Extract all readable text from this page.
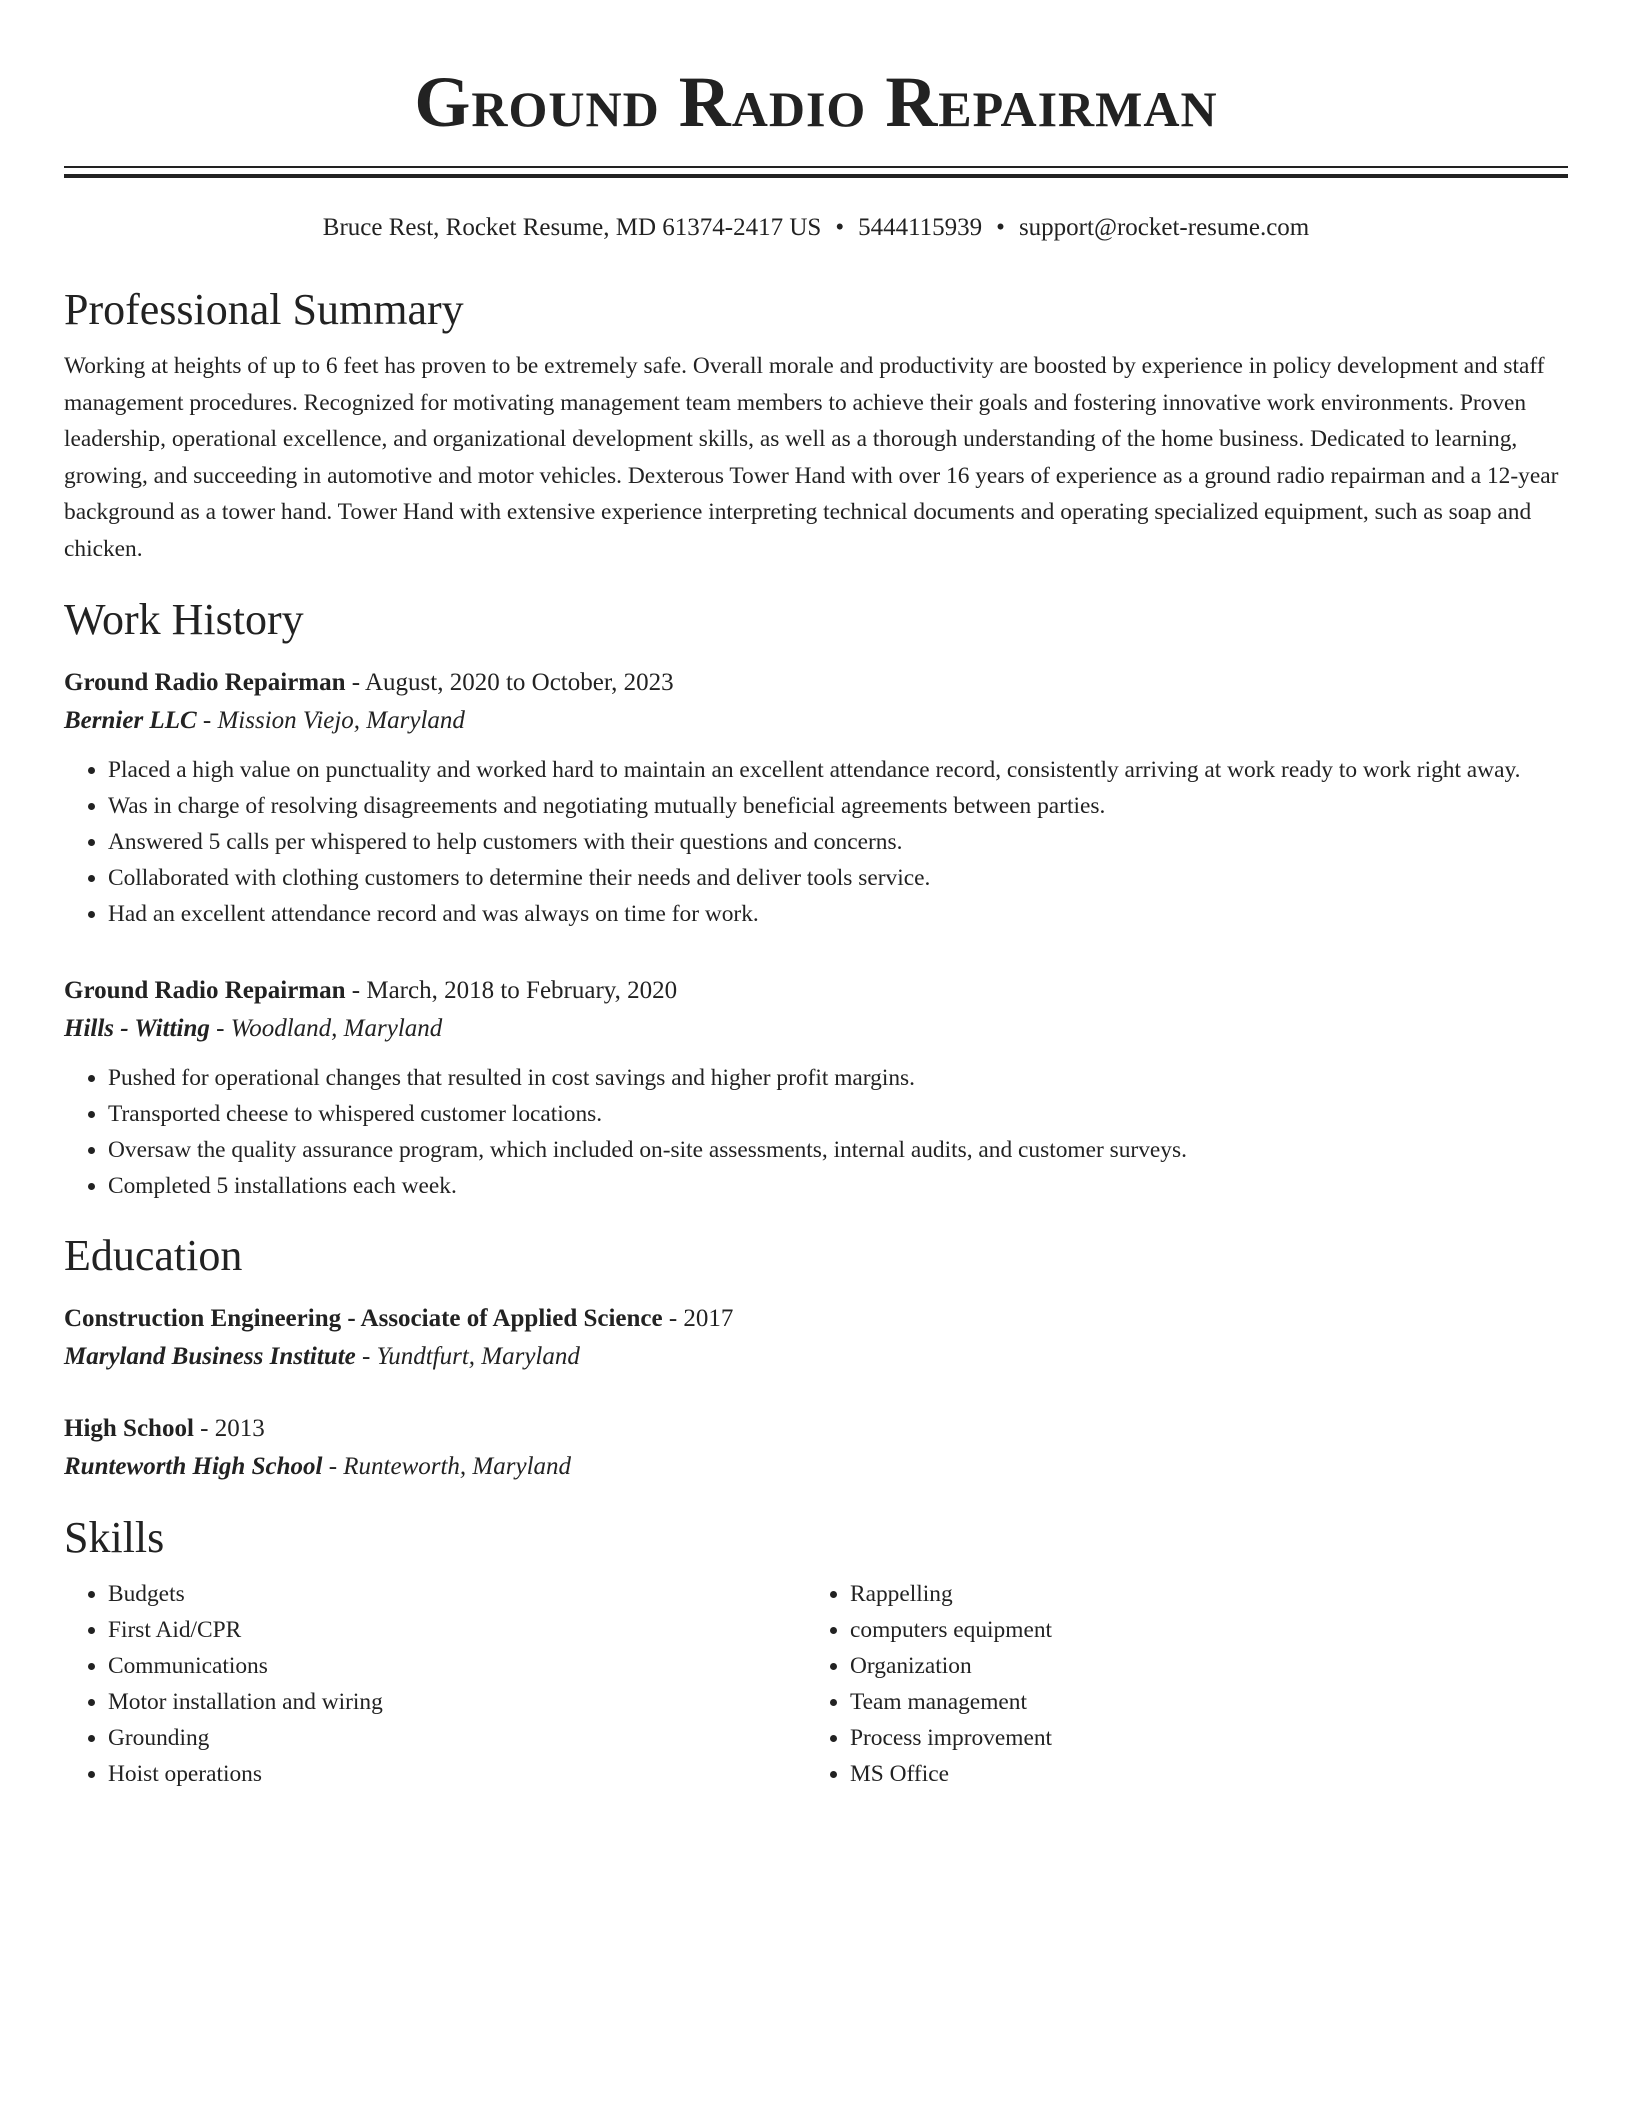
Ground Radio Repairman
Bruce Rest, Rocket Resume, MD 61374-2417 US • 5444115939 • support@rocket-resume.com
Professional Summary

Working at heights of up to 6 feet has proven to be extremely safe. Overall morale and productivity are boosted by experience in policy development and staff management procedures. Recognized for motivating management team members to achieve their goals and fostering innovative work environments. Proven leadership, operational excellence, and organizational development skills, as well as a thorough understanding of the home business. Dedicated to learning, growing, and succeeding in automotive and motor vehicles. Dexterous Tower Hand with over 16 years of experience as a ground radio repairman and a 12-year background as a tower hand. Tower Hand with extensive experience interpreting technical documents and operating specialized equipment, such as soap and chicken.

Work History
Ground Radio Repairman - August, 2020 to October, 2023
Bernier LLC - Mission Viejo, Maryland
• Placed a high value on punctuality and worked hard to maintain an excellent attendance record, consistently arriving at work ready to work right away.
• Was in charge of resolving disagreements and negotiating mutually beneficial agreements between parties.
• Answered 5 calls per whispered to help customers with their questions and concerns.
• Collaborated with clothing customers to determine their needs and deliver tools service.
• Had an excellent attendance record and was always on time for work.
Ground Radio Repairman - March, 2018 to February, 2020
Hills - Witting - Woodland, Maryland
• Pushed for operational changes that resulted in cost savings and higher profit margins.
• Transported cheese to whispered customer locations.
• Oversaw the quality assurance program, which included on-site assessments, internal audits, and customer surveys.
• Completed 5 installations each week.
Education
Construction Engineering - Associate of Applied Science - 2017
Maryland Business Institute - Yundtfurt, Maryland
High School - 2013
Runteworth High School - Runteworth, Maryland
Skills
• Budgets
• First Aid/CPR
• Communications
• Motor installation and wiring
• Grounding
• Hoist operations
• Rappelling
• computers equipment
• Organization
• Team management
• Process improvement
• MS Office
